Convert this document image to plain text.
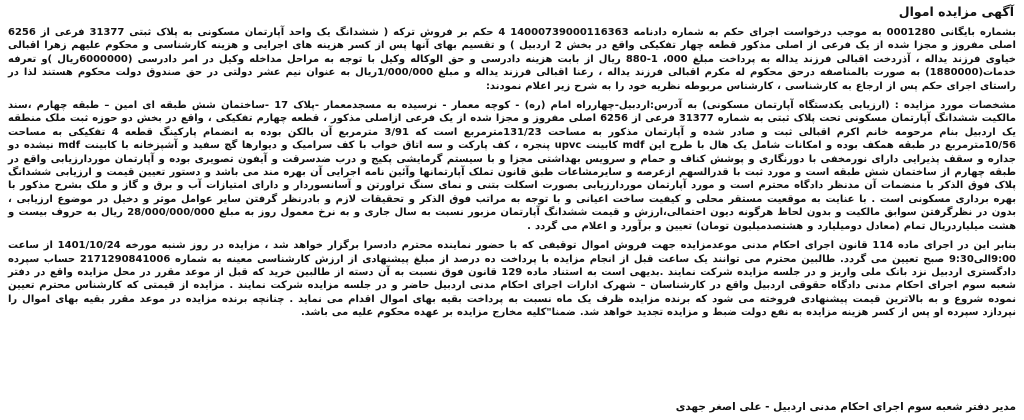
آگهی مزایده اموال

بشماره بایگانی 0001280 به موجب درخواست اجرای حکم به شماره دادنامه 14000739000116363 4 حکم بر فروش ترکه ( ششدانگ یک واحد آپارتمان مسکونی به پلاک ثبتی 31377 فرعی از 6256 اصلی مفروز و مجزا شده از یک فرعی از اصلی مذکور قطعه چهار تفکیکی واقع در بخش 2 اردبیل ) و تقسیم بهای آنها پس از کسر هزینه های اجرایی و هزینه کارشناسی و محکوم علیهم زهرا اقبالی خیاوی فرزند یداله ، آذردخت اقبالی فرزند یداله به پرداخت مبلغ 000، 1-880 ریال از بابت هزینه دادرسی و حق الوکاله وکیل با توجه به مراحل مداخله وکیل در امر دادرسی (6000000ریال )و تعرفه خدمات(1880000) به صورت بالمناصفه درحق محکوم له مکرم اقبالی فرزند یداله ، رعنا اقبالی فرزند یداله و مبلغ 1/000/000ریال به عنوان نیم عشر دولتی در حق صندوق دولت محکوم هستند لذا در راستای اجرای حکم پس از ارجاع به کارشناسی ، کارشناس مربوطه نظریه خود را به شرح زیر اعلام نمودند:

مشخصات مورد مزایده : (ارزیابی یکدستگاه آپارتمان مسکونی) به آدرس:اردبیل-چهارراه امام (ره) - کوچه معمار - نرسیده به مسجدمعمار -پلاک 17 -ساختمان شش طبقه ای امین – طبقه چهارم ،سند مالکیت ششدانگ آپارتمان مسکونی تحت پلاک ثبتی به شماره 31377 فرعی از 6256 اصلی مفروز و مجزا شده از یک فرعی ازاصلی مذکور ، قطعه چهارم تفکیکی ، واقع در بخش دو حوزه ثبت ملک منطقه یک اردبیل بنام مرحومه خانم اکرم اقبالی ثبت و صادر شده و آپارتمان مذکور به مساحت 131/23مترمربع است که 3/91 مترمربع آن بالکن بوده به انضمام پارکینگ قطعه 4 تفکیکی به مساحت 10/56مترمربع در طبقه همکف بوده و امکانات شامل یک هال با طرح این mdf کابینت upvc پنجره ، کف پارکت و سه اتاق خواب با کف سرامیک و دیوارها گچ سفید و آشپزخانه با کابینت mdf نیشده دو جداره و سقف پذیرایی دارای نورمخفی با دورنگاری و پوشش کناف و حمام و سرویس بهداشتی مجزا و با سیستم گرمایشی پکیج و درب ضدسرقت و آیفون تصویری بوده و آپارتمان موردارزیابی واقع در طبقه چهارم از ساختمان شش طبقه است و مورد ثبت با قدرالسهم ازعرصه و سایرمشاعات طبق قانون تملک آپارتمانها وآئین نامه اجرایی آن بهره مند می باشد و دستور تعیین قیمت و ارزیابی ششدانگ پلاک فوق الذکر با منضمات آن مدنظر دادگاه محترم است و مورد آپارتمان موردارزیابی بصورت اسکلت بتنی و نمای سنگ تراورتن و آسانسوردار و دارای امتیازات آب و برق و گاز و ملک بشرح مذکور با بهره برداری مسکونی است . با عنایت به موقعیت مستقر محلی و کیفیت ساخت اعیانی و با توجه به مراتب فوق الذکر و تحقیقات لازم و بادرنظر گرفتن سایر عوامل موثر و دخیل در موضوع ارزیابی ، بدون در نظرگرفتن سوابق مالکیت و بدون لحاظ هرگونه دیون احتمالی،ارزش و قیمت ششدانگ آپارتمان مزبور نسبت به سال جاری و به نرخ معمول روز به مبلغ 28/000/000/000 ریال به حروف بیست و هشت میلیاردریال تمام (معادل دومیلیارد و هشتصدمیلیون تومان) تعیین و برآورد و اعلام می گردد .

بنابر این در اجرای ماده 114 قانون اجرای احکام مدنی موعدمزایده جهت فروش اموال توقیفی که با حضور نماینده محترم دادسرا برگزار خواهد شد ، مزایده در روز شنبه مورخه 1401/10/24 از ساعت 9:00الی9:30 صبح تعیین می گردد. طالبین محترم می توانند یک ساعت قبل از انجام مزایده با پرداخت ده درصد از مبلغ پیشنهادی از ارزش کارشناسی معینه به شماره 2171290841006 حساب سپرده دادگستری اردبیل نزد بانک ملی واریز و در جلسه مزایده شرکت نمایند .بدیهی است به استناد ماده 129 قانون فوق نسبت به آن دسته از طالبین خرید که قبل از موعد مقرر در محل مزایده واقع در دفتر شعبه سوم اجرای احکام مدنی دادگاه حقوقی اردبیل واقع در کارشناسان – شهرک ادارات اجرای احکام مدنی اردبیل حاضر و در جلسه مزایده شرکت نمایند . مزایده از قیمتی که کارشناس محترم تعیین نموده شروع و به بالاترین قیمت پیشنهادی فروخته می شود که برنده مزایده ظرف یک ماه نسبت به پرداخت بقیه بهای اموال اقدام می نماید . چنانچه برنده مزایده در موعد مقرر بقیه بهای اموال را نپردازد سپرده او پس از کسر هزینه مزایده به نفع دولت ضبط و مزایده تجدید خواهد شد. ضمنا"کلیه مخارج مزایده بر عهده محکوم علیه می باشد.

مدیر دفتر شعبه سوم اجرای احکام مدنی اردبیل - علی اصغر جهدی
